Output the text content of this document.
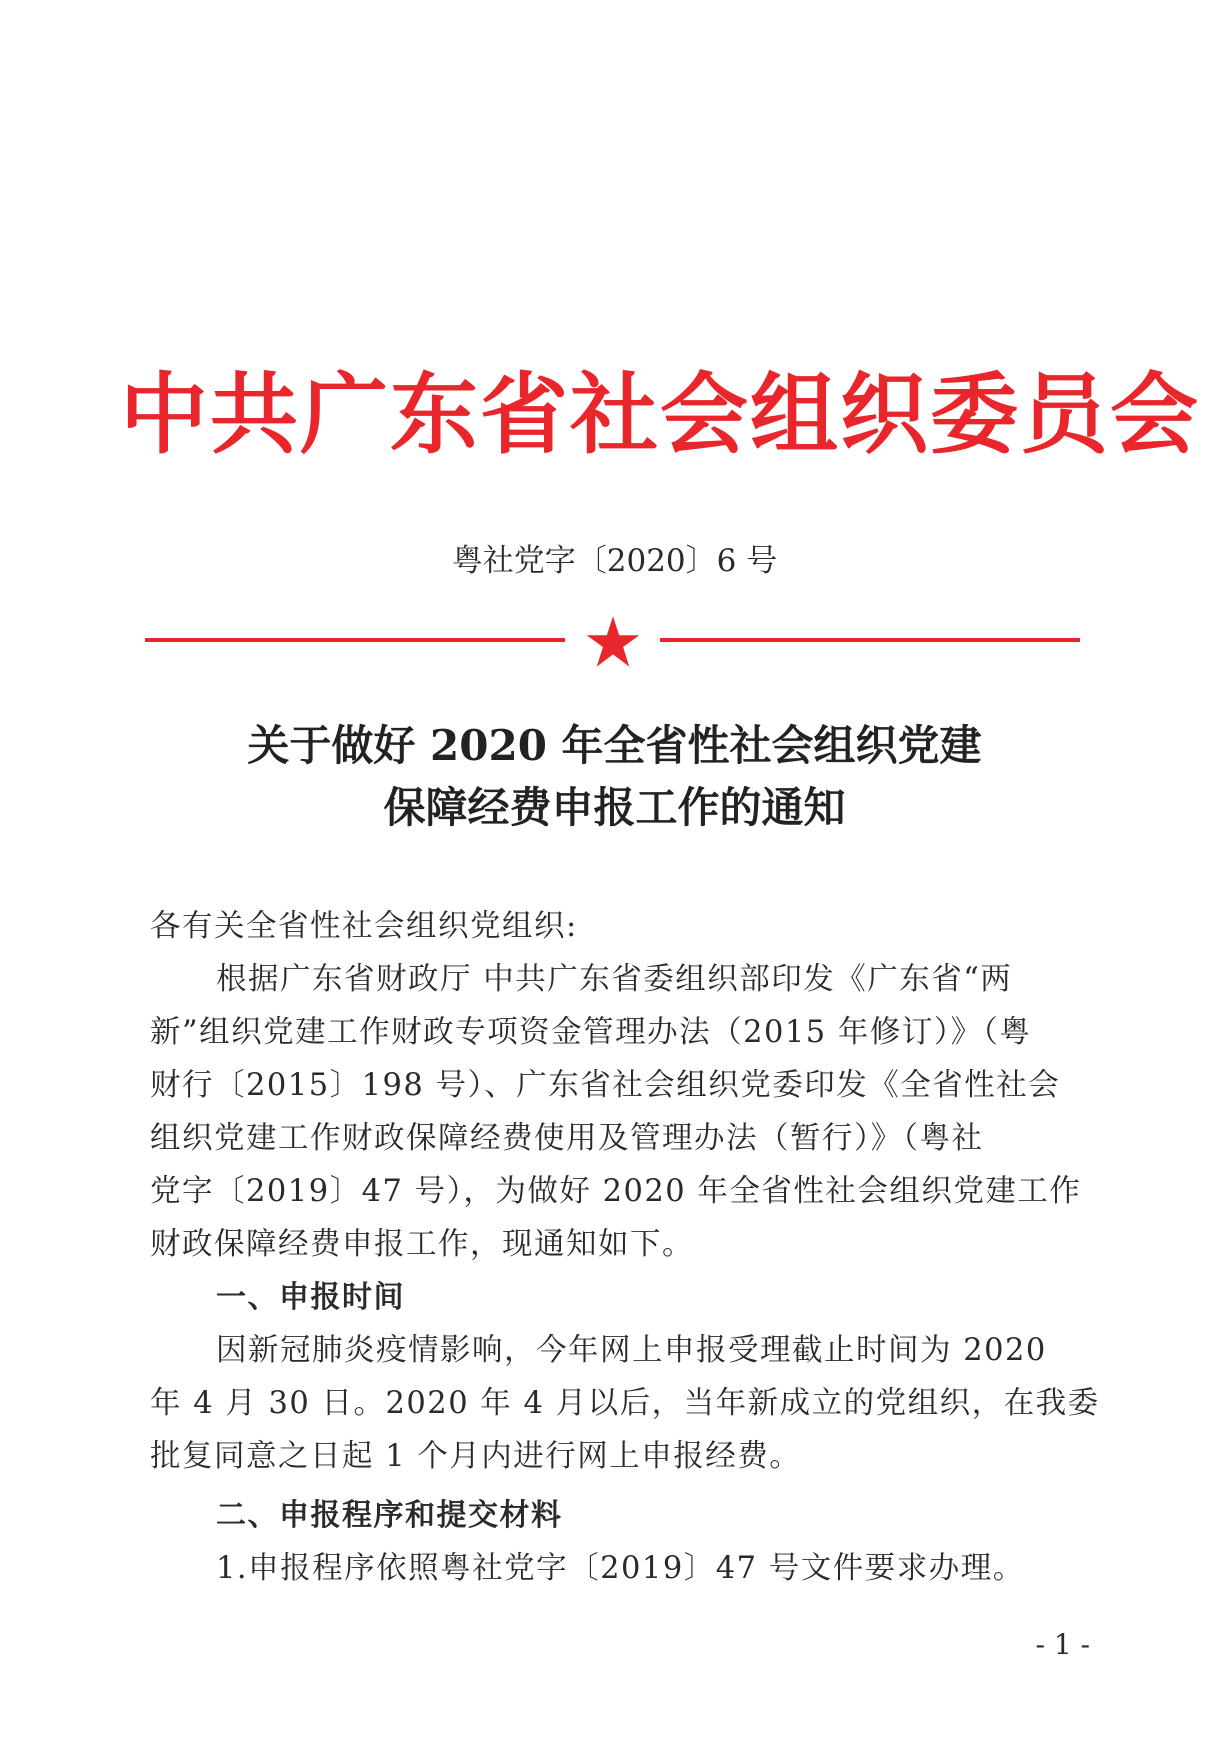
中共广东省社会组织委员会
粤社党字〔2020〕6 号
关于做好 2020 年全省性社会组织党建
保障经费申报工作的通知
各有关全省性社会组织党组织:
根据广东省财政厅 中共广东省委组织部印发《广东省“两
新”组织党建工作财政专项资金管理办法（2015 年修订）》（粤
财行〔2015〕198 号）、广东省社会组织党委印发《全省性社会
组织党建工作财政保障经费使用及管理办法（暂行）》（粤社
党字〔2019〕47 号），为做好 2020 年全省性社会组织党建工作
财政保障经费申报工作，现通知如下。
一、申报时间
因新冠肺炎疫情影响，今年网上申报受理截止时间为 2020
年 4 月 30 日。2020 年 4 月以后，当年新成立的党组织，在我委
批复同意之日起 1 个月内进行网上申报经费。
二、申报程序和提交材料
1.申报程序依照粤社党字〔2019〕47 号文件要求办理。
- 1 -
